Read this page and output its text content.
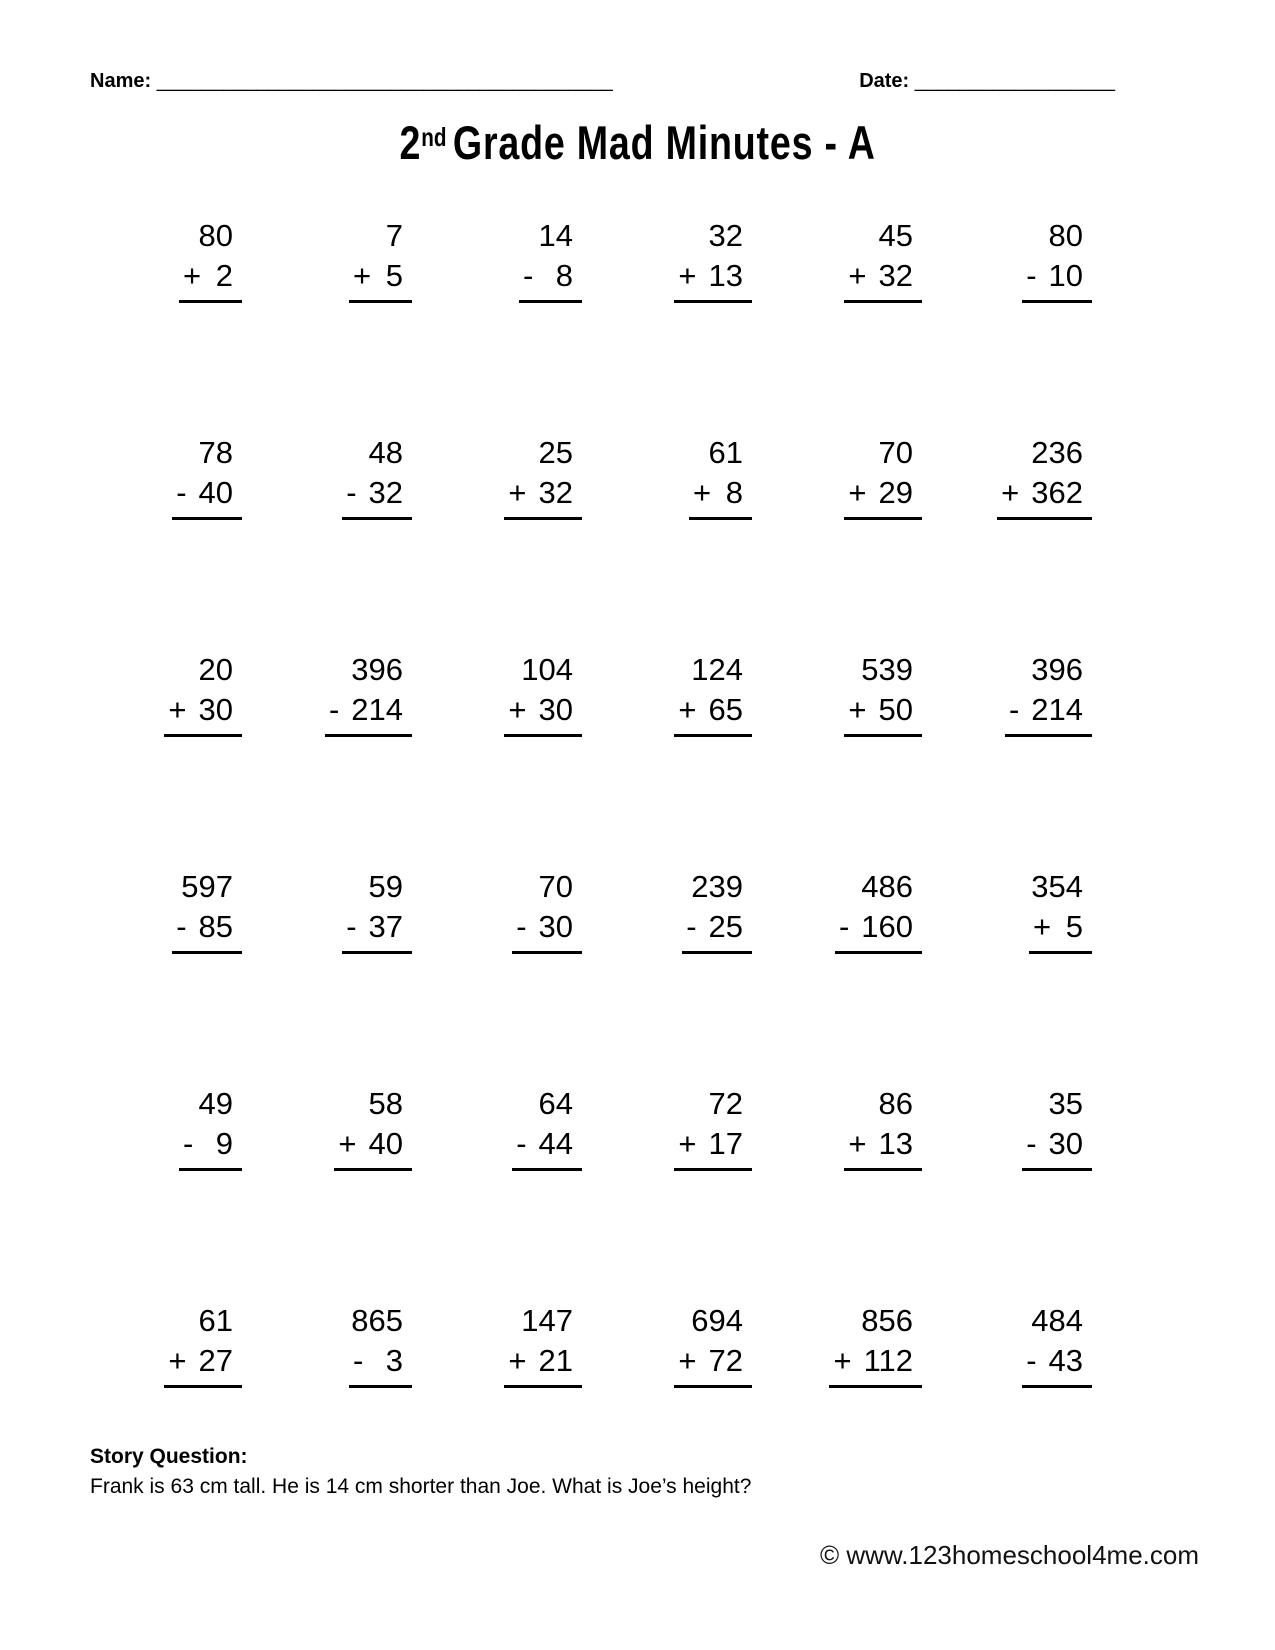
Name: _________________________________________	Date: __________________
2nd Grade Mad Minutes - A
80
+ 2
7
+ 5
14
- 8
32
+ 13
45
+ 32
80
- 10
78
- 40
48
- 32
25
+ 32
61
+ 8
70
+ 29
236
+ 362
20
+ 30
396
- 214
104
+ 30
124
+ 65
539
+ 50
396
- 214
597
- 85
59
- 37
70
- 30
239
- 25
486
- 160
354
+ 5
49
- 9
58
+ 40
64
- 44
72
+ 17
86
+ 13
35
- 30
61
+ 27
865
- 3
147
+ 21
694
+ 72
856
+ 112
484
- 43
Story Question:
Frank is 63 cm tall. He is 14 cm shorter than Joe. What is Joe’s height?
© www.123homeschool4me.com
